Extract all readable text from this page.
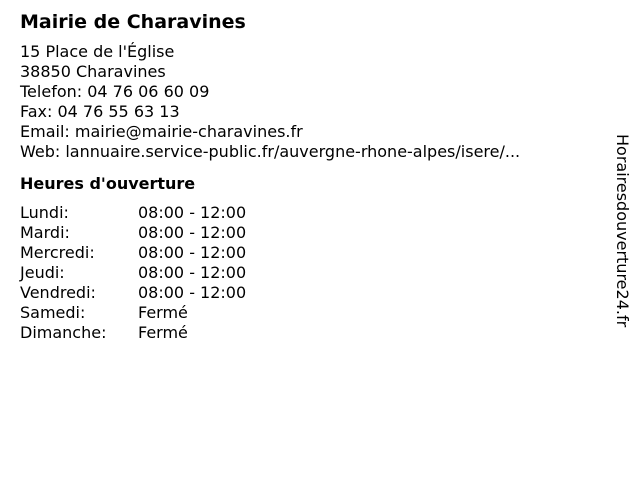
Mairie de Charavines
15 Place de l'Église
38850 Charavines
Telefon: 04 76 06 60 09
Fax: 04 76 55 63 13
Email: mairie@mairie-charavines.fr
Web: lannuaire.service-public.fr/auvergne-rhone-alpes/isere/...
Heures d'ouverture
Lundi:	08:00 - 12:00
Mardi:	08:00 - 12:00
Mercredi:	08:00 - 12:00
Jeudi:	08:00 - 12:00
Vendredi:	08:00 - 12:00
Samedi:	Fermé
Dimanche:	Fermé
Horairesdouverture24.fr
